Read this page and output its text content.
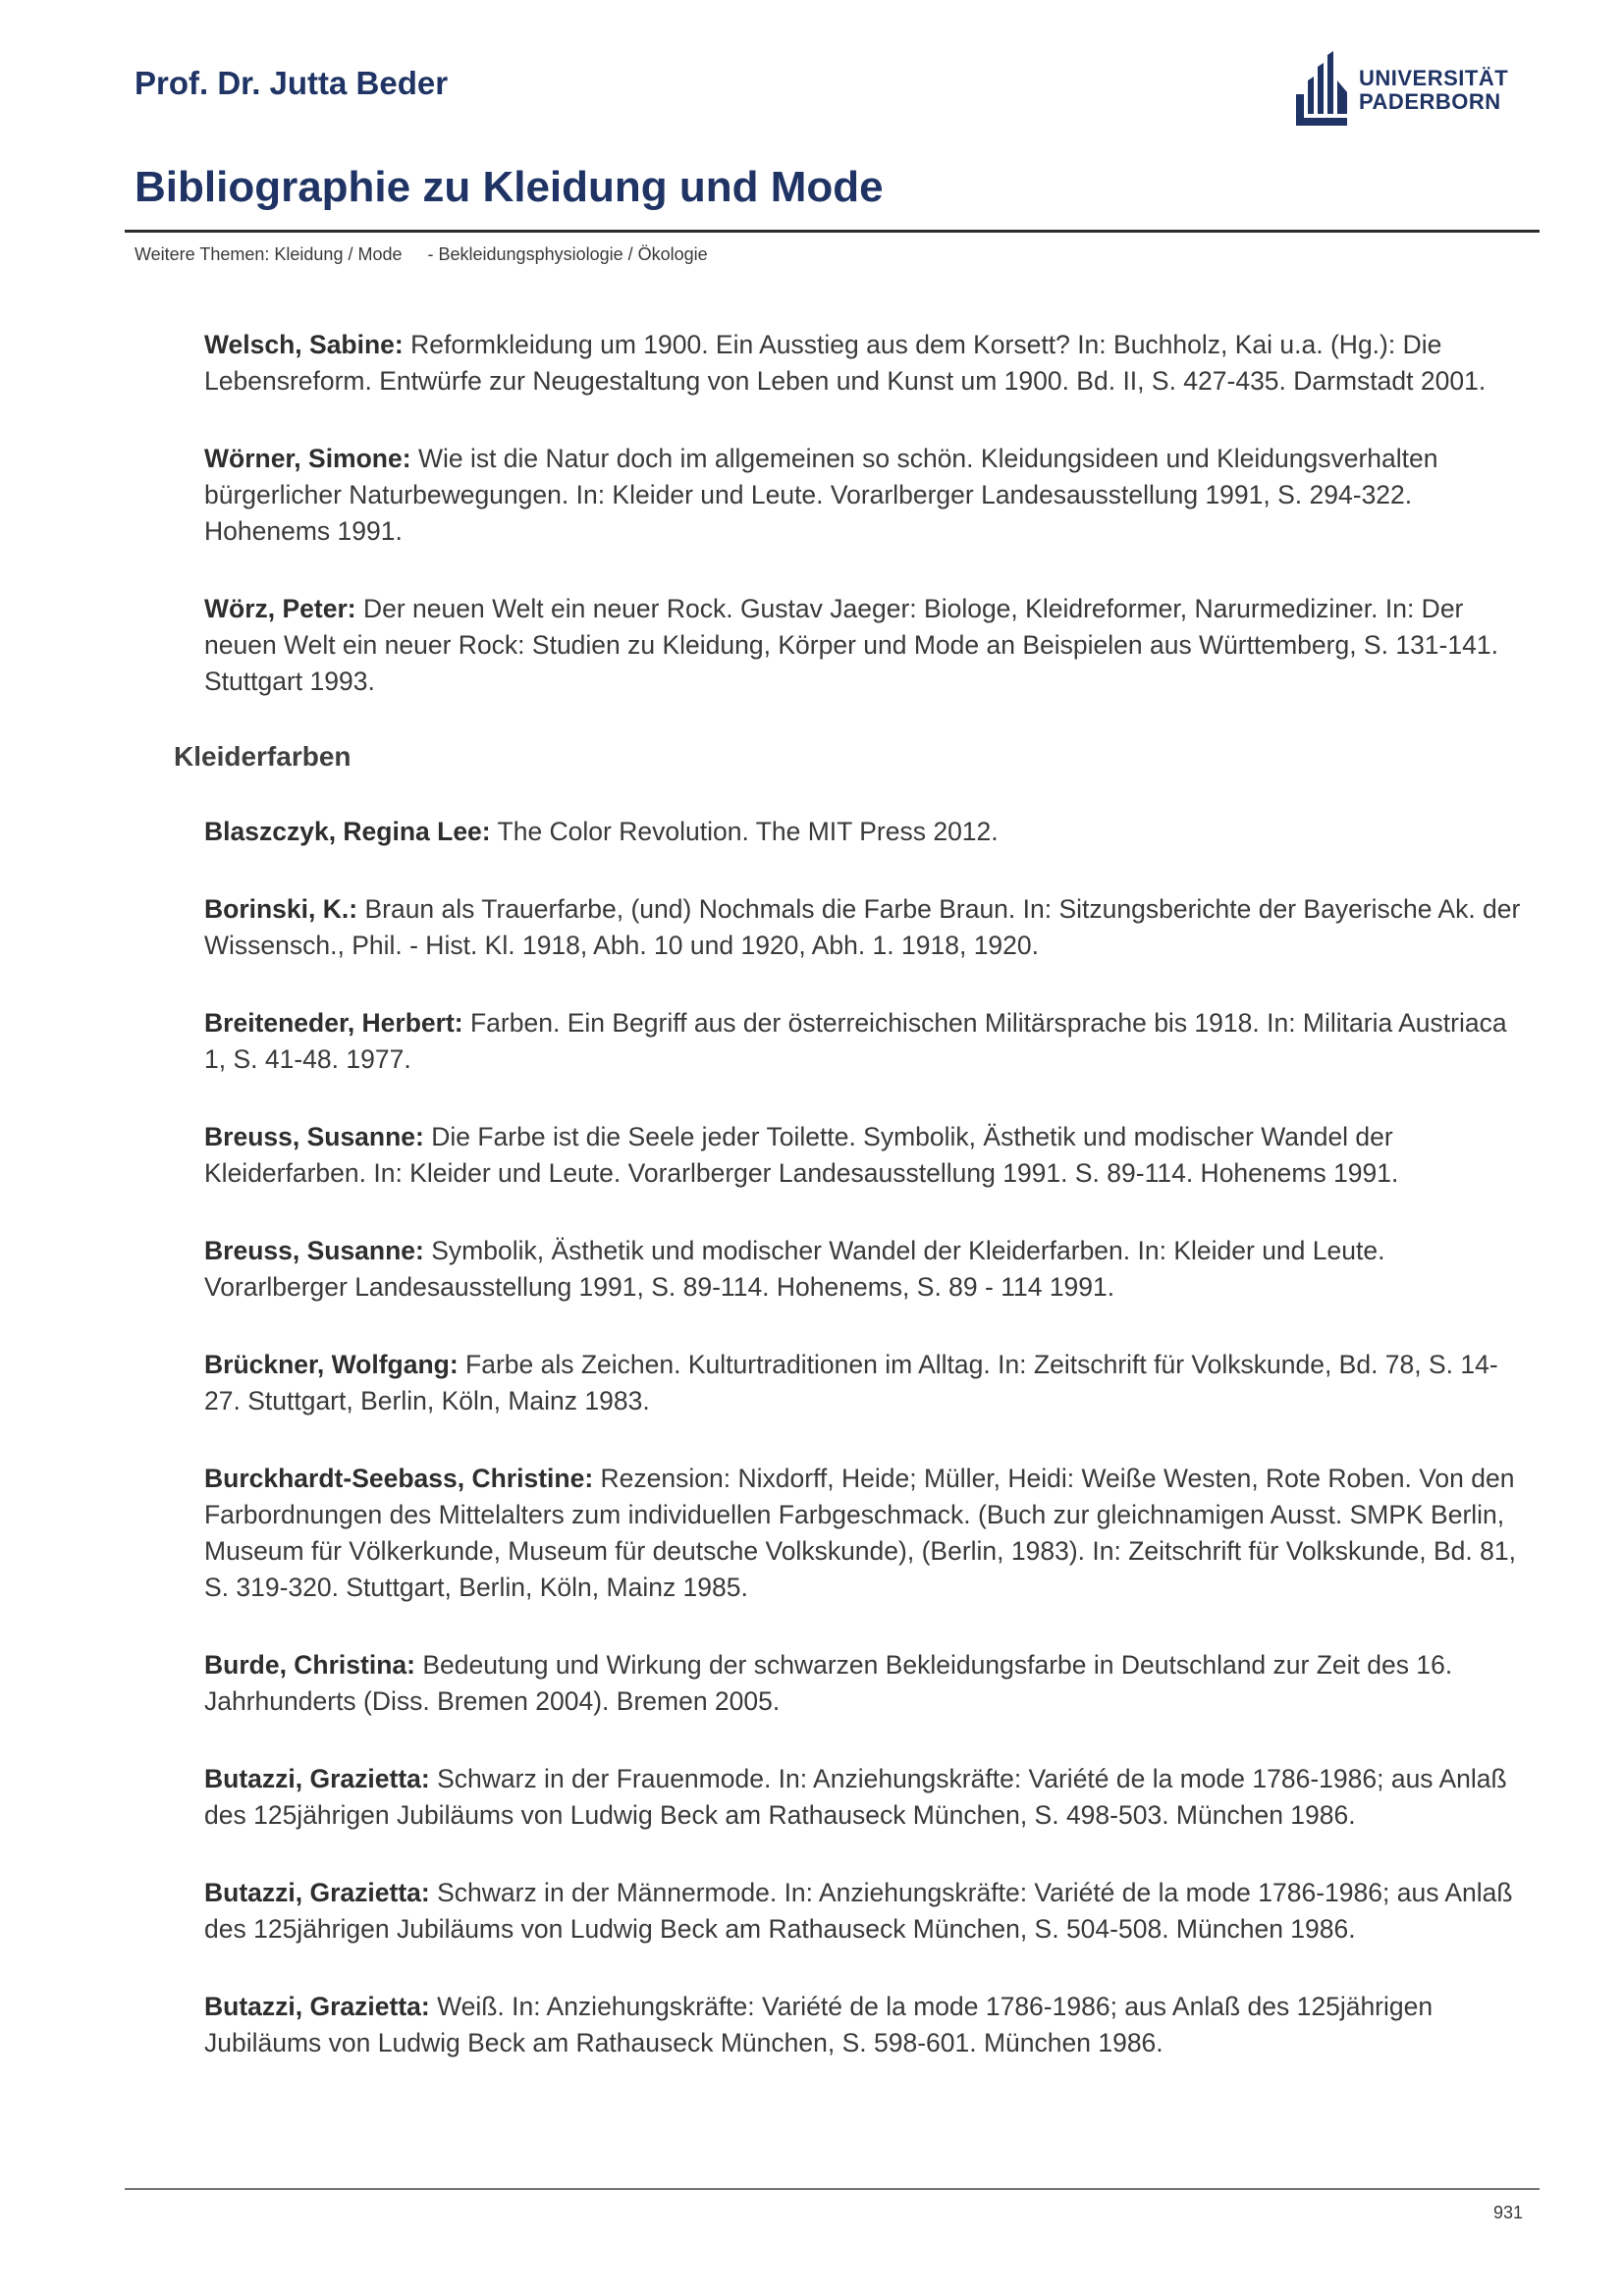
Prof. Dr. Jutta Beder	UNIVERSITÄT
PADERBORN
Bibliographie zu Kleidung und Mode
Weitere Themen: Kleidung / Mode - Bekleidungsphysiologie / Ökologie

Welsch, Sabine: Reformkleidung um 1900. Ein Ausstieg aus dem Korsett? In: Buchholz, Kai u.a. (Hg.): Die Lebensreform. Entwürfe zur Neugestaltung von Leben und Kunst um 1900. Bd. II, S. 427-435. Darmstadt 2001.

Wörner, Simone: Wie ist die Natur doch im allgemeinen so schön. Kleidungsideen und Kleidungsverhalten bürgerlicher Naturbewegungen. In: Kleider und Leute. Vorarlberger Landesausstellung 1991, S. 294-322. Hohenems 1991.

Wörz, Peter: Der neuen Welt ein neuer Rock. Gustav Jaeger: Biologe, Kleidreformer, Narurmediziner. In: Der neuen Welt ein neuer Rock: Studien zu Kleidung, Körper und Mode an Beispielen aus Württemberg, S. 131-141. Stuttgart 1993.

Kleiderfarben

Blaszczyk, Regina Lee: The Color Revolution. The MIT Press 2012.

Borinski, K.: Braun als Trauerfarbe, (und) Nochmals die Farbe Braun. In: Sitzungsberichte der Bayerische Ak. der Wissensch., Phil. - Hist. Kl. 1918, Abh. 10 und 1920, Abh. 1. 1918, 1920.

Breiteneder, Herbert: Farben. Ein Begriff aus der österreichischen Militärsprache bis 1918. In: Militaria Austriaca 1, S. 41-48. 1977.

Breuss, Susanne: Die Farbe ist die Seele jeder Toilette. Symbolik, Ästhetik und modischer Wandel der Kleiderfarben. In: Kleider und Leute. Vorarlberger Landesausstellung 1991. S. 89-114. Hohenems 1991.

Breuss, Susanne: Symbolik, Ästhetik und modischer Wandel der Kleiderfarben. In: Kleider und Leute. Vorarlberger Landesausstellung 1991, S. 89-114. Hohenems, S. 89 - 114 1991.

Brückner, Wolfgang: Farbe als Zeichen. Kulturtraditionen im Alltag. In: Zeitschrift für Volkskunde, Bd. 78, S. 14-27. Stuttgart, Berlin, Köln, Mainz 1983.

Burckhardt-Seebass, Christine: Rezension: Nixdorff, Heide; Müller, Heidi: Weiße Westen, Rote Roben. Von den Farbordnungen des Mittelalters zum individuellen Farbgeschmack. (Buch zur gleichnamigen Ausst. SMPK Berlin, Museum für Völkerkunde, Museum für deutsche Volkskunde), (Berlin, 1983). In: Zeitschrift für Volkskunde, Bd. 81, S. 319-320. Stuttgart, Berlin, Köln, Mainz 1985.

Burde, Christina: Bedeutung und Wirkung der schwarzen Bekleidungsfarbe in Deutschland zur Zeit des 16. Jahrhunderts (Diss. Bremen 2004). Bremen 2005.

Butazzi, Grazietta: Schwarz in der Frauenmode. In: Anziehungskräfte: Variété de la mode 1786-1986; aus Anlaß des 125jährigen Jubiläums von Ludwig Beck am Rathauseck München, S. 498-503. München 1986.

Butazzi, Grazietta: Schwarz in der Männermode. In: Anziehungskräfte: Variété de la mode 1786-1986; aus Anlaß des 125jährigen Jubiläums von Ludwig Beck am Rathauseck München, S. 504-508. München 1986.

Butazzi, Grazietta: Weiß. In: Anziehungskräfte: Variété de la mode 1786-1986; aus Anlaß des 125jährigen Jubiläums von Ludwig Beck am Rathauseck München, S. 598-601. München 1986.

931
